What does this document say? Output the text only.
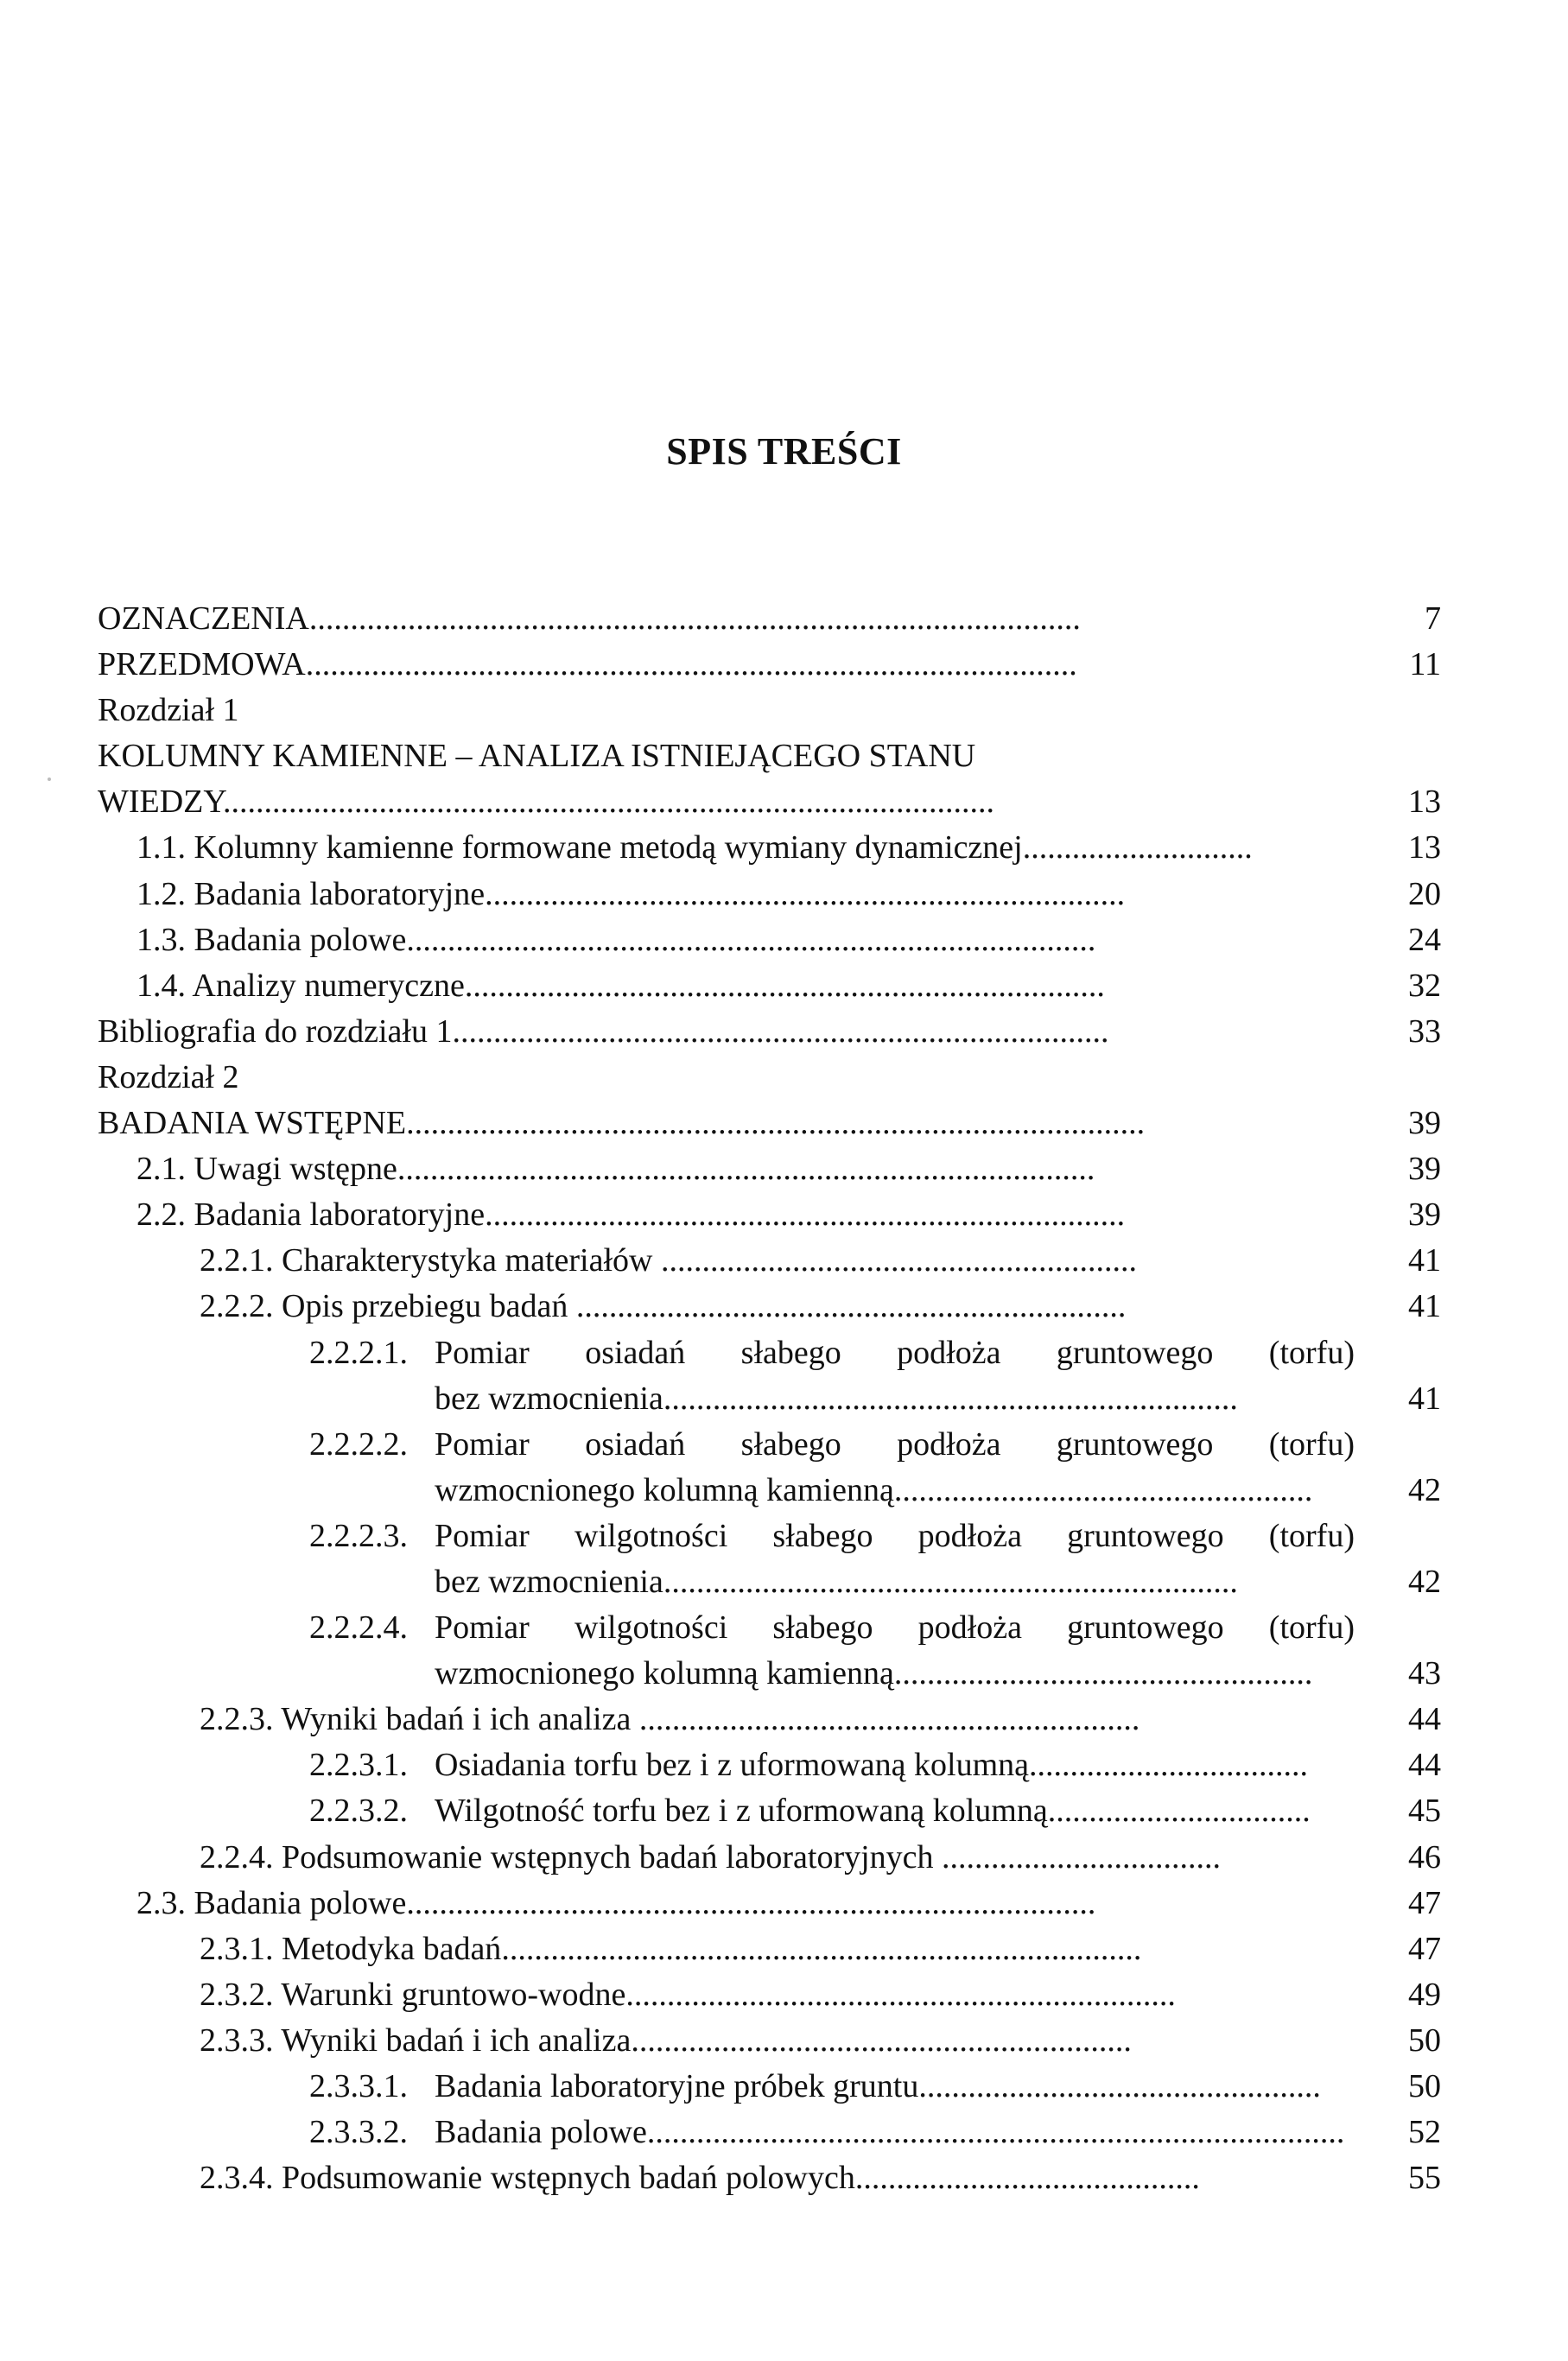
SPIS TREŚCI
OZNACZENIA..............................................................................................	7
PRZEDMOWA..............................................................................................	11
Rozdział 1
KOLUMNY KAMIENNE – ANALIZA ISTNIEJĄCEGO STANU
WIEDZY..............................................................................................	13
1.1. Kolumny kamienne formowane metodą wymiany dynamicznej............................	13
1.2. Badania laboratoryjne..............................................................................	20
1.3. Badania polowe....................................................................................	24
1.4. Analizy numeryczne..............................................................................	32
Bibliografia do rozdziału 1................................................................................	33
Rozdział 2
BADANIA WSTĘPNE..........................................................................................	39
2.1. Uwagi wstępne.....................................................................................	39
2.2. Badania laboratoryjne..............................................................................	39
2.2.1. Charakterystyka materiałów ..........................................................	41
2.2.2. Opis przebiegu badań ...................................................................	41
2.2.2.1. Pomiar osiadań słabego podłoża gruntowego (torfu)
bez wzmocnienia......................................................................	41
2.2.2.2. Pomiar osiadań słabego podłoża gruntowego (torfu)
wzmocnionego kolumną kamienną...................................................	42
2.2.2.3. Pomiar wilgotności słabego podłoża gruntowego (torfu)
bez wzmocnienia......................................................................	42
2.2.2.4. Pomiar wilgotności słabego podłoża gruntowego (torfu)
wzmocnionego kolumną kamienną...................................................	43
2.2.3. Wyniki badań i ich analiza .............................................................	44
2.2.3.1. Osiadania torfu bez i z uformowaną kolumną..................................	44
2.2.3.2. Wilgotność torfu bez i z uformowaną kolumną................................	45
2.2.4. Podsumowanie wstępnych badań laboratoryjnych ..................................	46
2.3. Badania polowe....................................................................................	47
2.3.1. Metodyka badań..............................................................................	47
2.3.2. Warunki gruntowo-wodne...................................................................	49
2.3.3. Wyniki badań i ich analiza.............................................................	50
2.3.3.1. Badania laboratoryjne próbek gruntu.................................................	50
2.3.3.2. Badania polowe.....................................................................................	52
2.3.4. Podsumowanie wstępnych badań polowych..........................................	55
